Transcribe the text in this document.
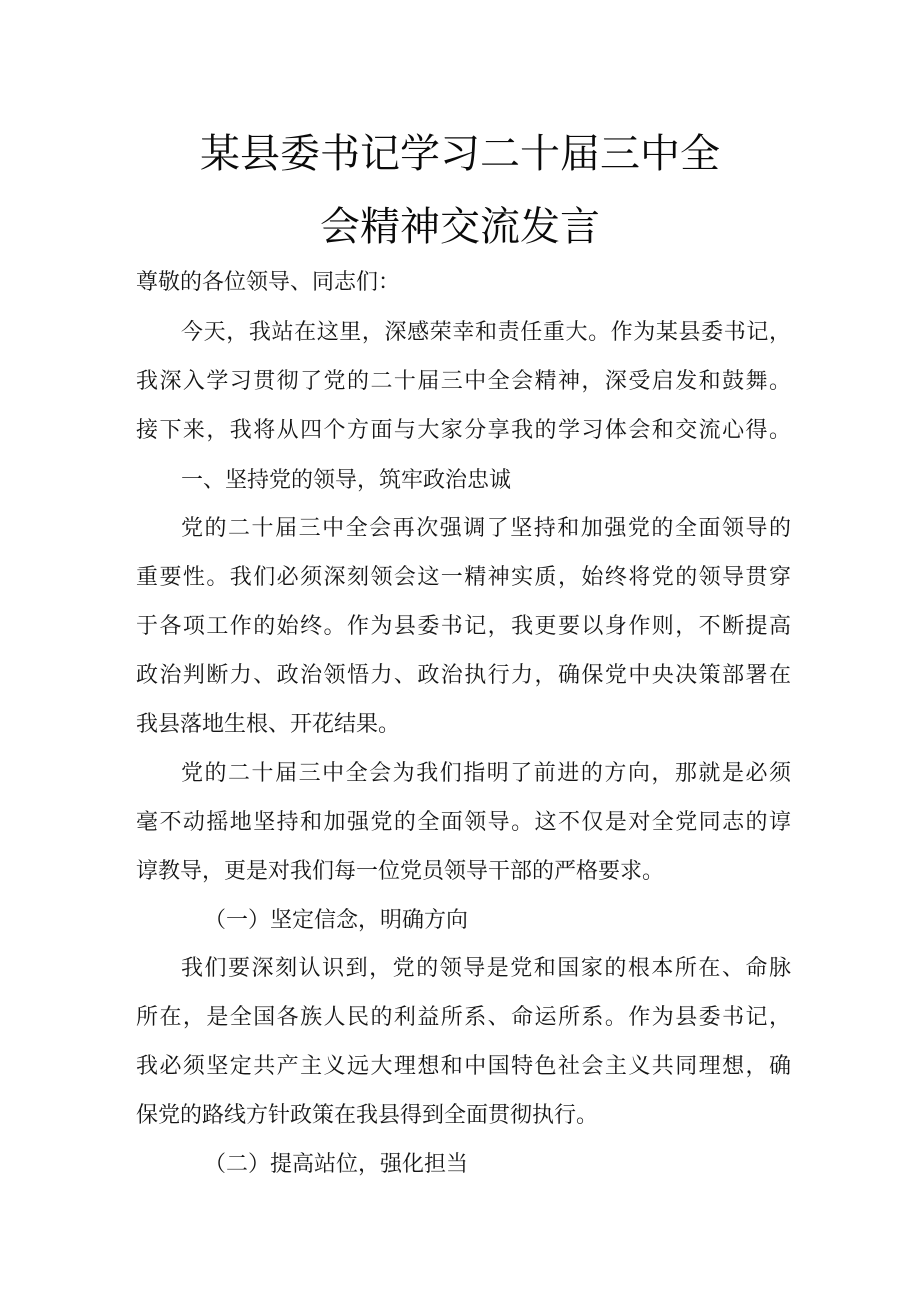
某县委书记学习二十届三中全
会精神交流发言
尊敬的各位领导、同志们：
今天，我站在这里，深感荣幸和责任重大。作为某县委书记，
我深入学习贯彻了党的二十届三中全会精神，深受启发和鼓舞。
接下来，我将从四个方面与大家分享我的学习体会和交流心得。
一、坚持党的领导，筑牢政治忠诚
党的二十届三中全会再次强调了坚持和加强党的全面领导的
重要性。我们必须深刻领会这一精神实质，始终将党的领导贯穿
于各项工作的始终。作为县委书记，我更要以身作则，不断提高
政治判断力、政治领悟力、政治执行力，确保党中央决策部署在
我县落地生根、开花结果。
党的二十届三中全会为我们指明了前进的方向，那就是必须
毫不动摇地坚持和加强党的全面领导。这不仅是对全党同志的谆
谆教导，更是对我们每一位党员领导干部的严格要求。
（一）坚定信念，明确方向
我们要深刻认识到，党的领导是党和国家的根本所在、命脉
所在，是全国各族人民的利益所系、命运所系。作为县委书记，
我必须坚定共产主义远大理想和中国特色社会主义共同理想，确
保党的路线方针政策在我县得到全面贯彻执行。
（二）提高站位，强化担当
